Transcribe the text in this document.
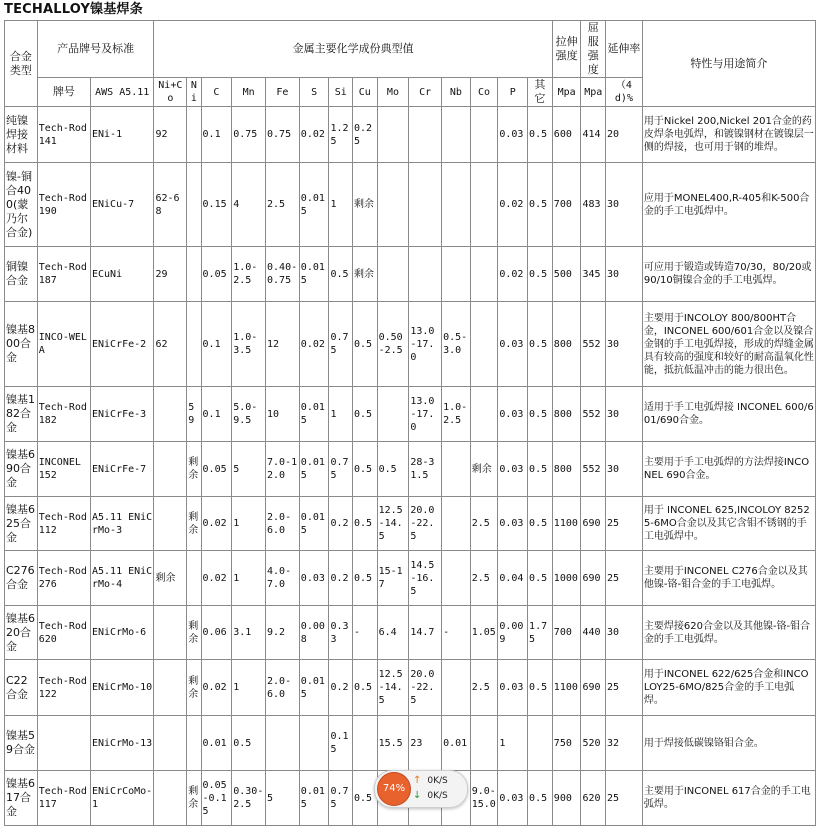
TECHALLOY镍基焊条
合金类型	产品牌号及标准		金属主要化学成份典型值														拉伸强度	屈服强度	延伸率	特性与用途简介
	牌号	AWS A5.11	Ni+Co	Ni	C	Mn	Fe	S	Si	Cu	Mo	Cr	Nb	Co	P	其它	Mpa	Mpa	（4d)%	
纯镍焊接材料	Tech-Rod 141	ENi-1	92		0.1	0.75	0.75	0.02	1.25	0.25					0.03	0.5	600	414	20	用于Nickel 200,Nickel 201合金的药皮焊条电弧焊，和镀镍钢材在镀镍层一侧的焊接，也可用于钢的堆焊。
镍-铜合400(蒙乃尔合金)	Tech-Rod 190	ENiCu-7	62-68		0.15	4	2.5	0.015	1	剩余					0.02	0.5	700	483	30	应用于MONEL400,R-405和K-500合金的手工电弧焊中。
铜镍合金	Tech-Rod 187	ECuNi	29		0.05	1.0-2.5	0.40-0.75	0.015	0.5	剩余					0.02	0.5	500	345	30	可应用于锻造或铸造70/30，80/20或90/10铜镍合金的手工电弧焊。
镍基800合金	INCO-WEL A	ENiCrFe-2	62		0.1	1.0-3.5	12	0.02	0.75	0.5	0.50-2.5	13.0-17.0	0.5-3.0		0.03	0.5	800	552	30	主要用于INCOLOY 800/800HT合金，INCONEL 600/601合金以及镍合金钢的手工电弧焊接，形成的焊缝金属具有较高的强度和较好的耐高温氧化性能，抵抗低温冲击的能力很出色。
镍基182合金	Tech-Rod 182	ENiCrFe-3		59	0.1	5.0-9.5	10	0.015	1	0.5		13.0-17.0	1.0-2.5		0.03	0.5	800	552	30	适用于手工电弧焊接 INCONEL 600/601/690合金。
镍基690合金	INCONEL 152	ENiCrFe-7		剩余	0.05	5	7.0-12.0	0.015	0.75	0.5	0.5	28-31.5		剩余	0.03	0.5	800	552	30	主要用于手工电弧焊的方法焊接INCONEL 690合金。
镍基625合金	Tech-Rod 112	A5.11 ENiCrMo-3		剩余	0.02	1	2.0-6.0	0.015	0.2	0.5	12.5-14.5	20.0-22.5		2.5	0.03	0.5	1100	690	25	用于 INCONEL 625,INCOLOY 82525-6MO合金以及其它含钼不锈钢的手工电弧焊中。
C276合金	Tech-Rod 276	A5.11 ENiCrMo-4	剩余		0.02	1	4.0-7.0	0.03	0.2	0.5	15-17	14.5-16.5		2.5	0.04	0.5	1000	690	25	主要用于INCONEL C276合金以及其他镍-铬-钼合金的手工电弧焊。
镍基620合金	Tech-Rod 620	ENiCrMo-6		剩余	0.06	3.1	9.2	0.008	0.33	-	6.4	14.7	-	1.05	0.009	1.75	700	440	30	主要焊接620合金以及其他镍-铬-钼合金的手工电弧焊。
C22合金	Tech-Rod 122	ENiCrMo-10		剩余	0.02	1	2.0-6.0	0.015	0.2	0.5	12.5-14.5	20.0-22.5		2.5	0.03	0.5	1100	690	25	用于INCONEL 622/625合金和INCOLOY25-6MO/825合金的手工电弧焊。
镍基59合金		ENiCrMo-13			0.01	0.5			0.15		15.5	23	0.01		1		750	520	32	用于焊接低碳镍铬钼合金。
镍基617合金	Tech-Rod 117	ENiCrCoMo-1		剩余	0.05-0.15	0.30-2.5	5	0.015	0.75	0.5				9.0-15.0	0.03	0.5	900	620	25	主要用于INCONEL 617合金的手工电弧焊。
74%
↑ 0K/S
↓ 0K/S
